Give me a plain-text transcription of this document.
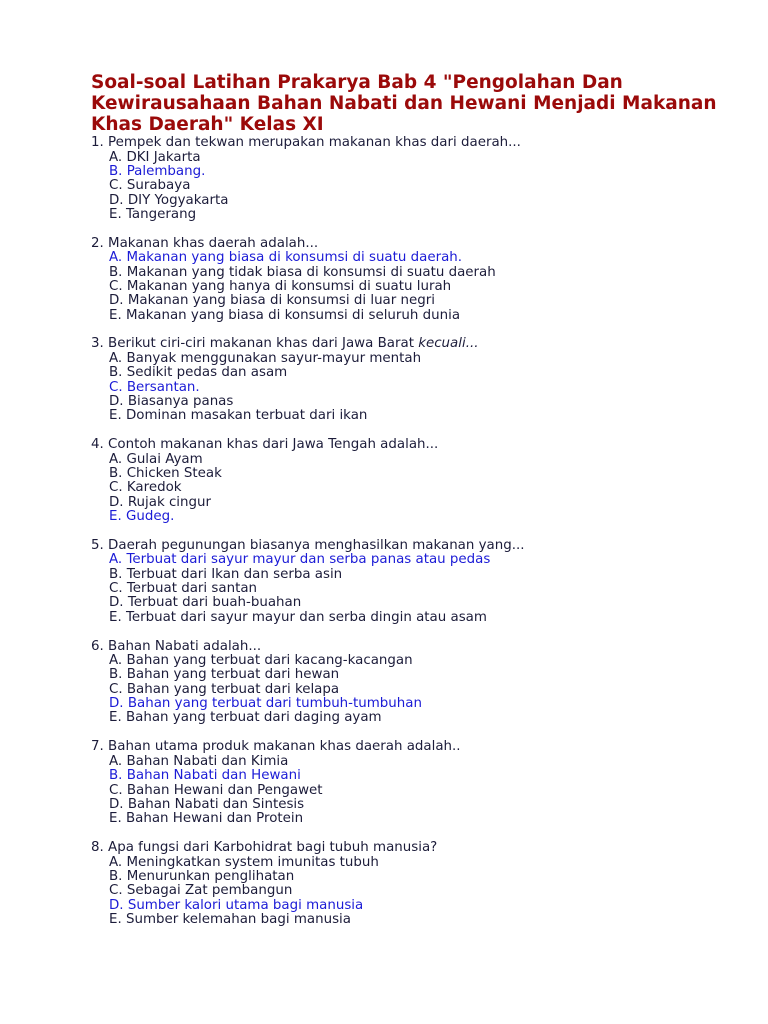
Soal-soal Latihan Prakarya Bab 4 "Pengolahan Dan Kewirausahaan Bahan Nabati dan Hewani Menjadi Makanan Khas Daerah" Kelas XI
1. Pempek dan tekwan merupakan makanan khas dari daerah...
A. DKI Jakarta
B. Palembang.
C. Surabaya
D. DIY Yogyakarta
E. Tangerang
2. Makanan khas daerah adalah...
A. Makanan yang biasa di konsumsi di suatu daerah.
B. Makanan yang tidak biasa di konsumsi di suatu daerah
C. Makanan yang hanya di konsumsi di suatu lurah
D. Makanan yang biasa di konsumsi di luar negri
E. Makanan yang biasa di konsumsi di seluruh dunia
3. Berikut ciri-ciri makanan khas dari Jawa Barat kecuali...
A. Banyak menggunakan sayur-mayur mentah
B. Sedikit pedas dan asam
C. Bersantan.
D. Biasanya panas
E. Dominan masakan terbuat dari ikan
4. Contoh makanan khas dari Jawa Tengah adalah...
A. Gulai Ayam
B. Chicken Steak
C. Karedok
D. Rujak cingur
E. Gudeg.
5. Daerah pegunungan biasanya menghasilkan makanan yang...
A. Terbuat dari sayur mayur dan serba panas atau pedas
B. Terbuat dari Ikan dan serba asin
C. Terbuat dari santan
D. Terbuat dari buah-buahan
E. Terbuat dari sayur mayur dan serba dingin atau asam
6. Bahan Nabati adalah...
A. Bahan yang terbuat dari kacang-kacangan
B. Bahan yang terbuat dari hewan
C. Bahan yang terbuat dari kelapa
D. Bahan yang terbuat dari tumbuh-tumbuhan
E. Bahan yang terbuat dari daging ayam
7. Bahan utama produk makanan khas daerah adalah..
A. Bahan Nabati dan Kimia
B. Bahan Nabati dan Hewani
C. Bahan Hewani dan Pengawet
D. Bahan Nabati dan Sintesis
E. Bahan Hewani dan Protein
8. Apa fungsi dari Karbohidrat bagi tubuh manusia?
A. Meningkatkan system imunitas tubuh
B. Menurunkan penglihatan
C. Sebagai Zat pembangun
D. Sumber kalori utama bagi manusia
E. Sumber kelemahan bagi manusia
